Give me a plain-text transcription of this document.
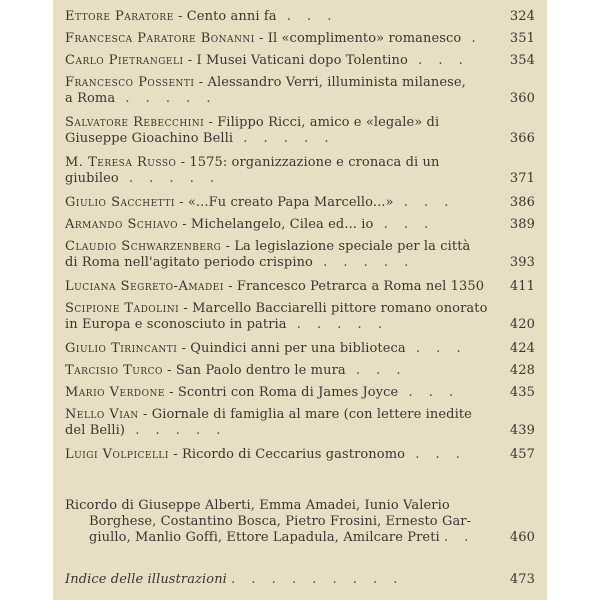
Ettore Paratore - Cento anni fa . . .	324
Francesca Paratore Bonanni - Il «complimento» romanesco .	351
Carlo Pietrangeli - I Musei Vaticani dopo Tolentino . . .	354
Francesco Possenti - Alessandro Verri, illuminista milanese,
a Roma . . . . .	360
Salvatore Rebecchini - Filippo Ricci, amico e «legale» di
Giuseppe Gioachino Belli . . . . .	366
M. Teresa Russo - 1575: organizzazione e cronaca di un
giubileo . . . . .	371
Giulio Sacchetti - «...Fu creato Papa Marcello...» . . .	386
Armando Schiavo - Michelangelo, Cilea ed... io . . .	389
Claudio Schwarzenberg - La legislazione speciale per la città
di Roma nell'agitato periodo crispino . . . . .	393
Luciana Segreto-Amadei - Francesco Petrarca a Roma nel 1350	411
Scipione Tadolini - Marcello Bacciarelli pittore romano onorato
in Europa e sconosciuto in patria . . . . .	420
Giulio Tirincanti - Quindici anni per una biblioteca . . .	424
Tarcisio Turco - San Paolo dentro le mura . . .	428
Mario Verdone - Scontri con Roma di James Joyce . . .	435
Nello Vian - Giornale di famiglia al mare (con lettere inedite
del Belli) . . . . .	439
Luigi Volpicelli - Ricordo di Ceccarius gastronomo . . .	457
Ricordo di Giuseppe Alberti, Emma Amadei, Iunio Valerio
Borghese, Costantino Bosca, Pietro Frosini, Ernesto Gar-
giullo, Manlio Goffi, Ettore Lapadula, Amilcare Preti . .	460
Indice delle illustrazioni . . . . . . . . .	473
